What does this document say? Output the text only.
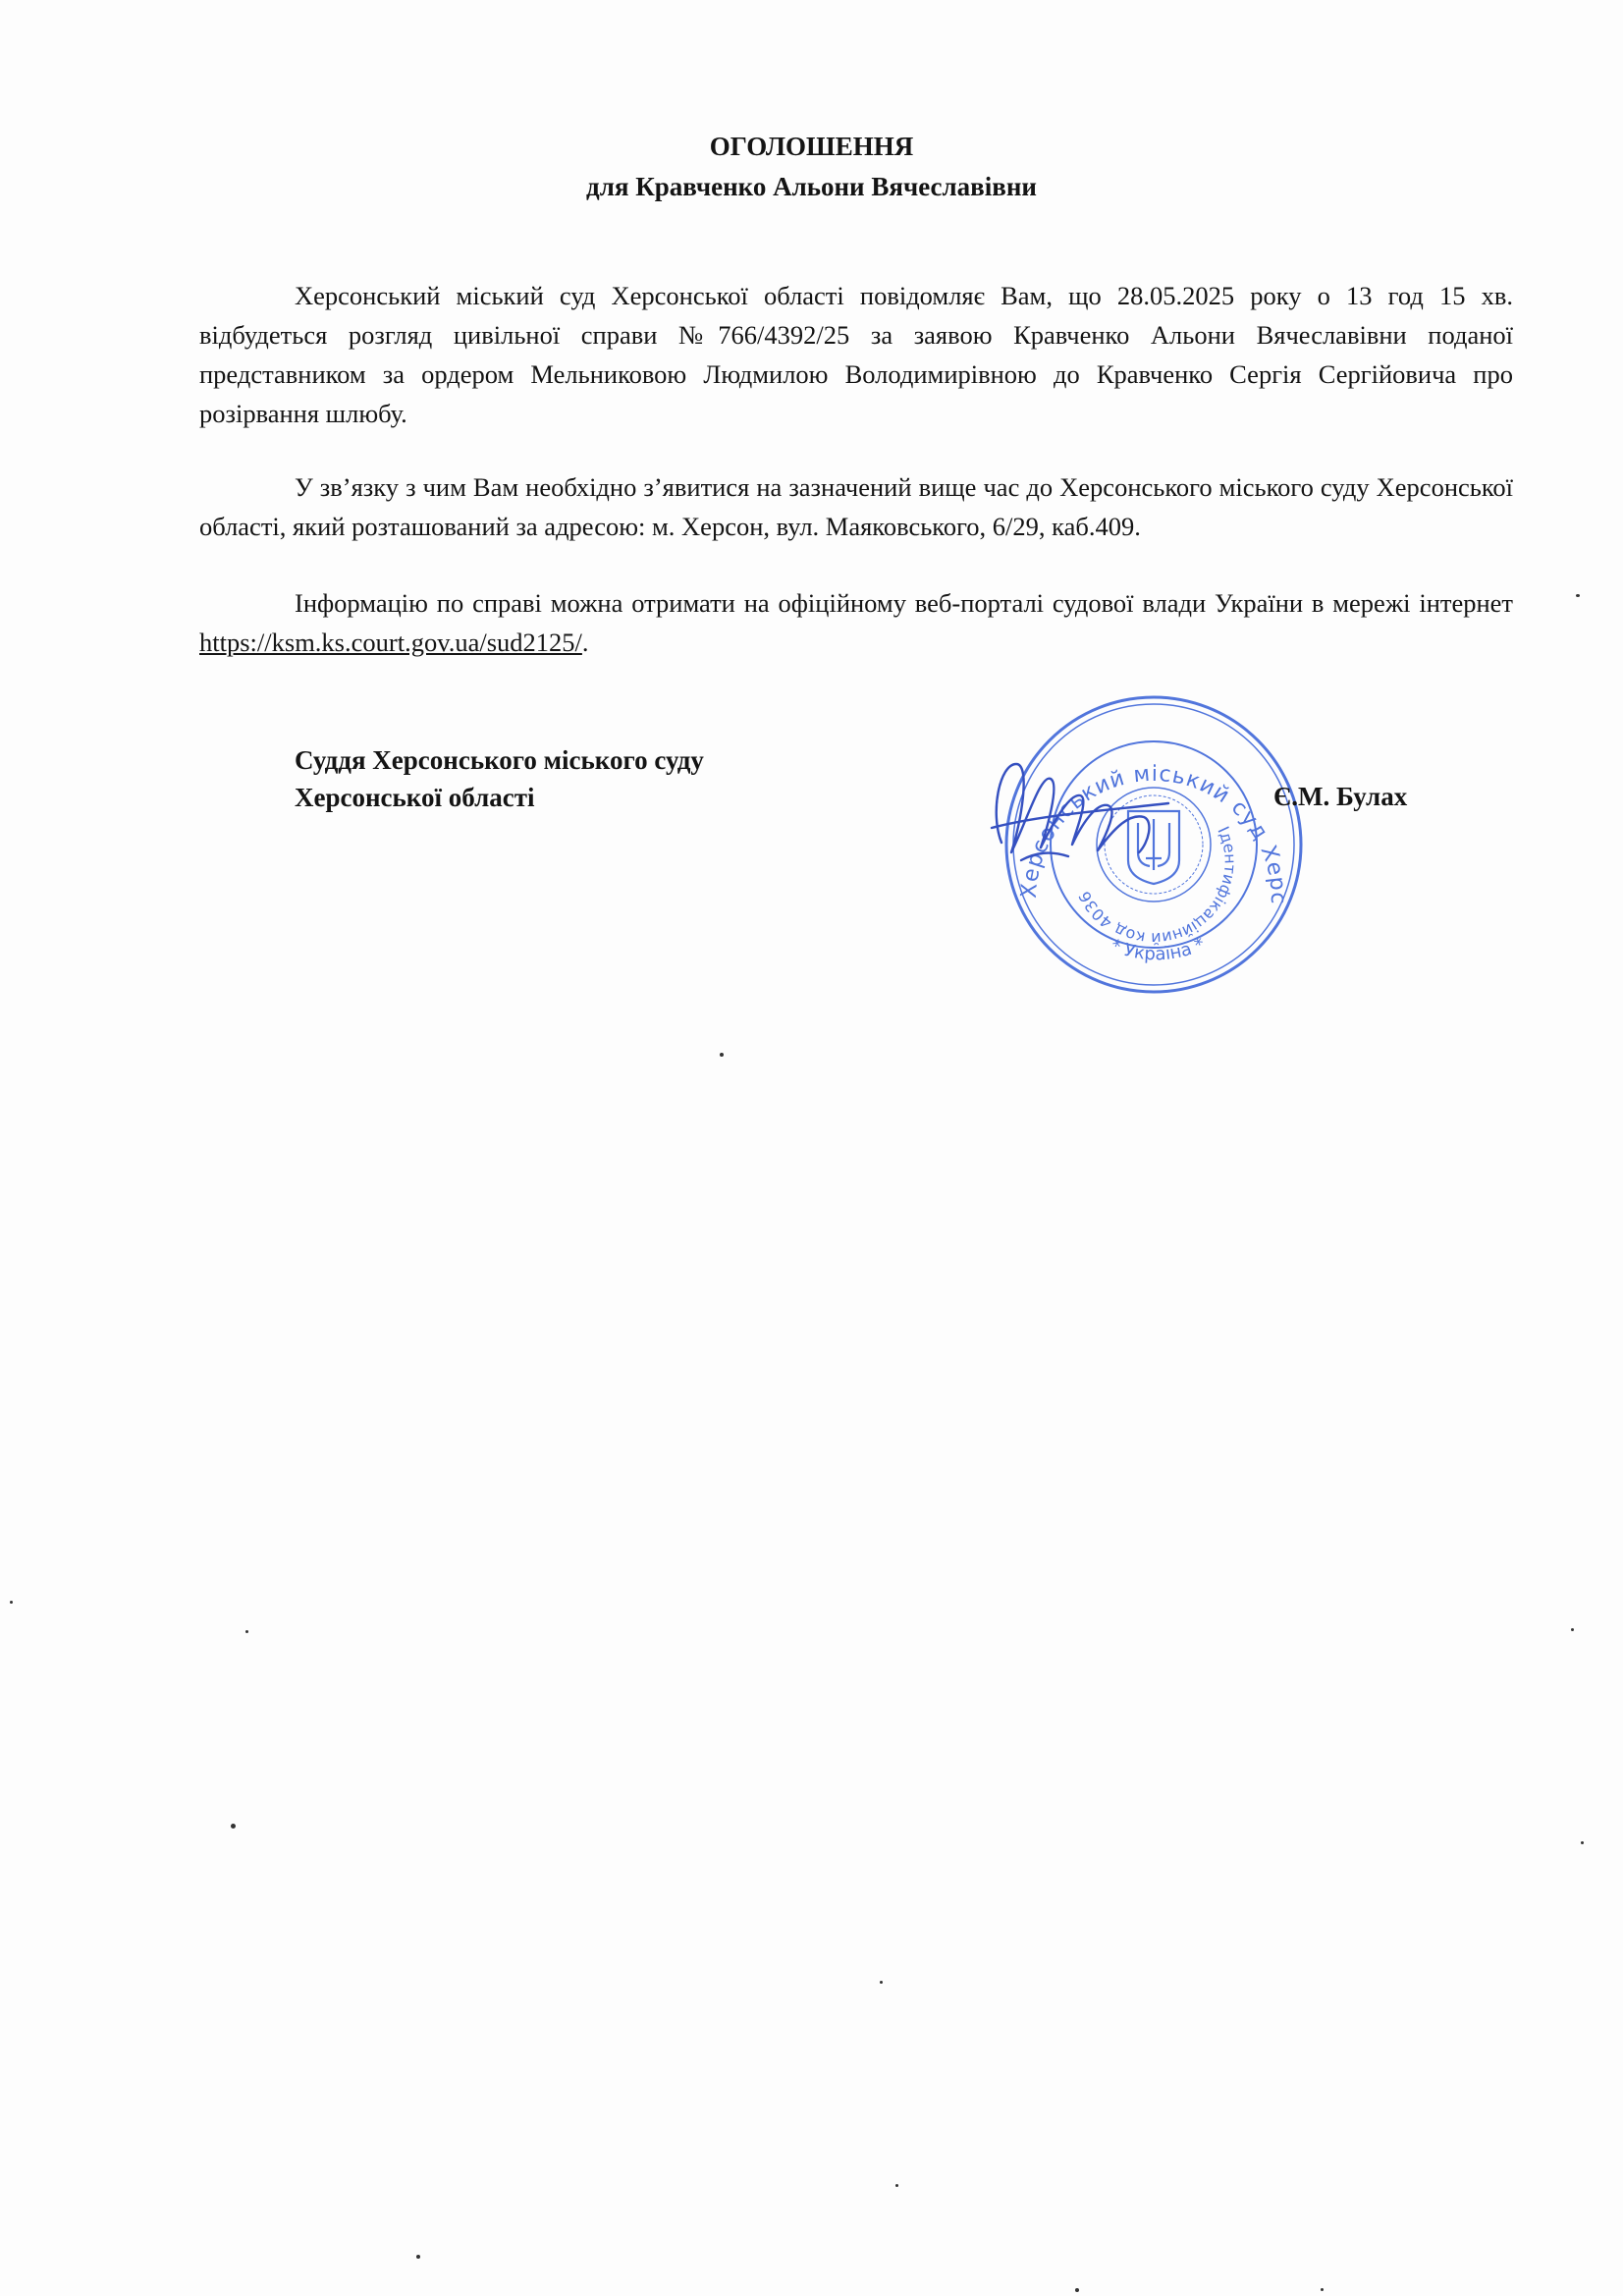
ОГОЛОШЕННЯ
для Кравченко Альони Вячеславівни
Херсонський міський суд Херсонської області повідомляє Вам, що 28.05.2025 року о 13 год 15 хв. відбудеться розгляд цивільної справи №766/4392/25 за заявою Кравченко Альони Вячеславівни поданої представником за ордером Мельниковою Людмилою Володимирівною до Кравченко Сергія Сергійовича про розірвання шлюбу.
У зв’язку з чим Вам необхідно з’явитися на зазначений вище час до Херсонського міського суду Херсонської області, який розташований за адресою: м. Херсон, вул. Маяковського, 6/29, каб.409.
Інформацію по справі можна отримати на офіційному веб-порталі судової влади України в мережі інтернет https://ksm.ks.court.gov.ua/sud2125/.
Суддя Херсонського міського суду
Херсонської області
Херсонський міський суд Херс
Ідентифікаційний код 4036
* Україна *
Є.М. Булах
